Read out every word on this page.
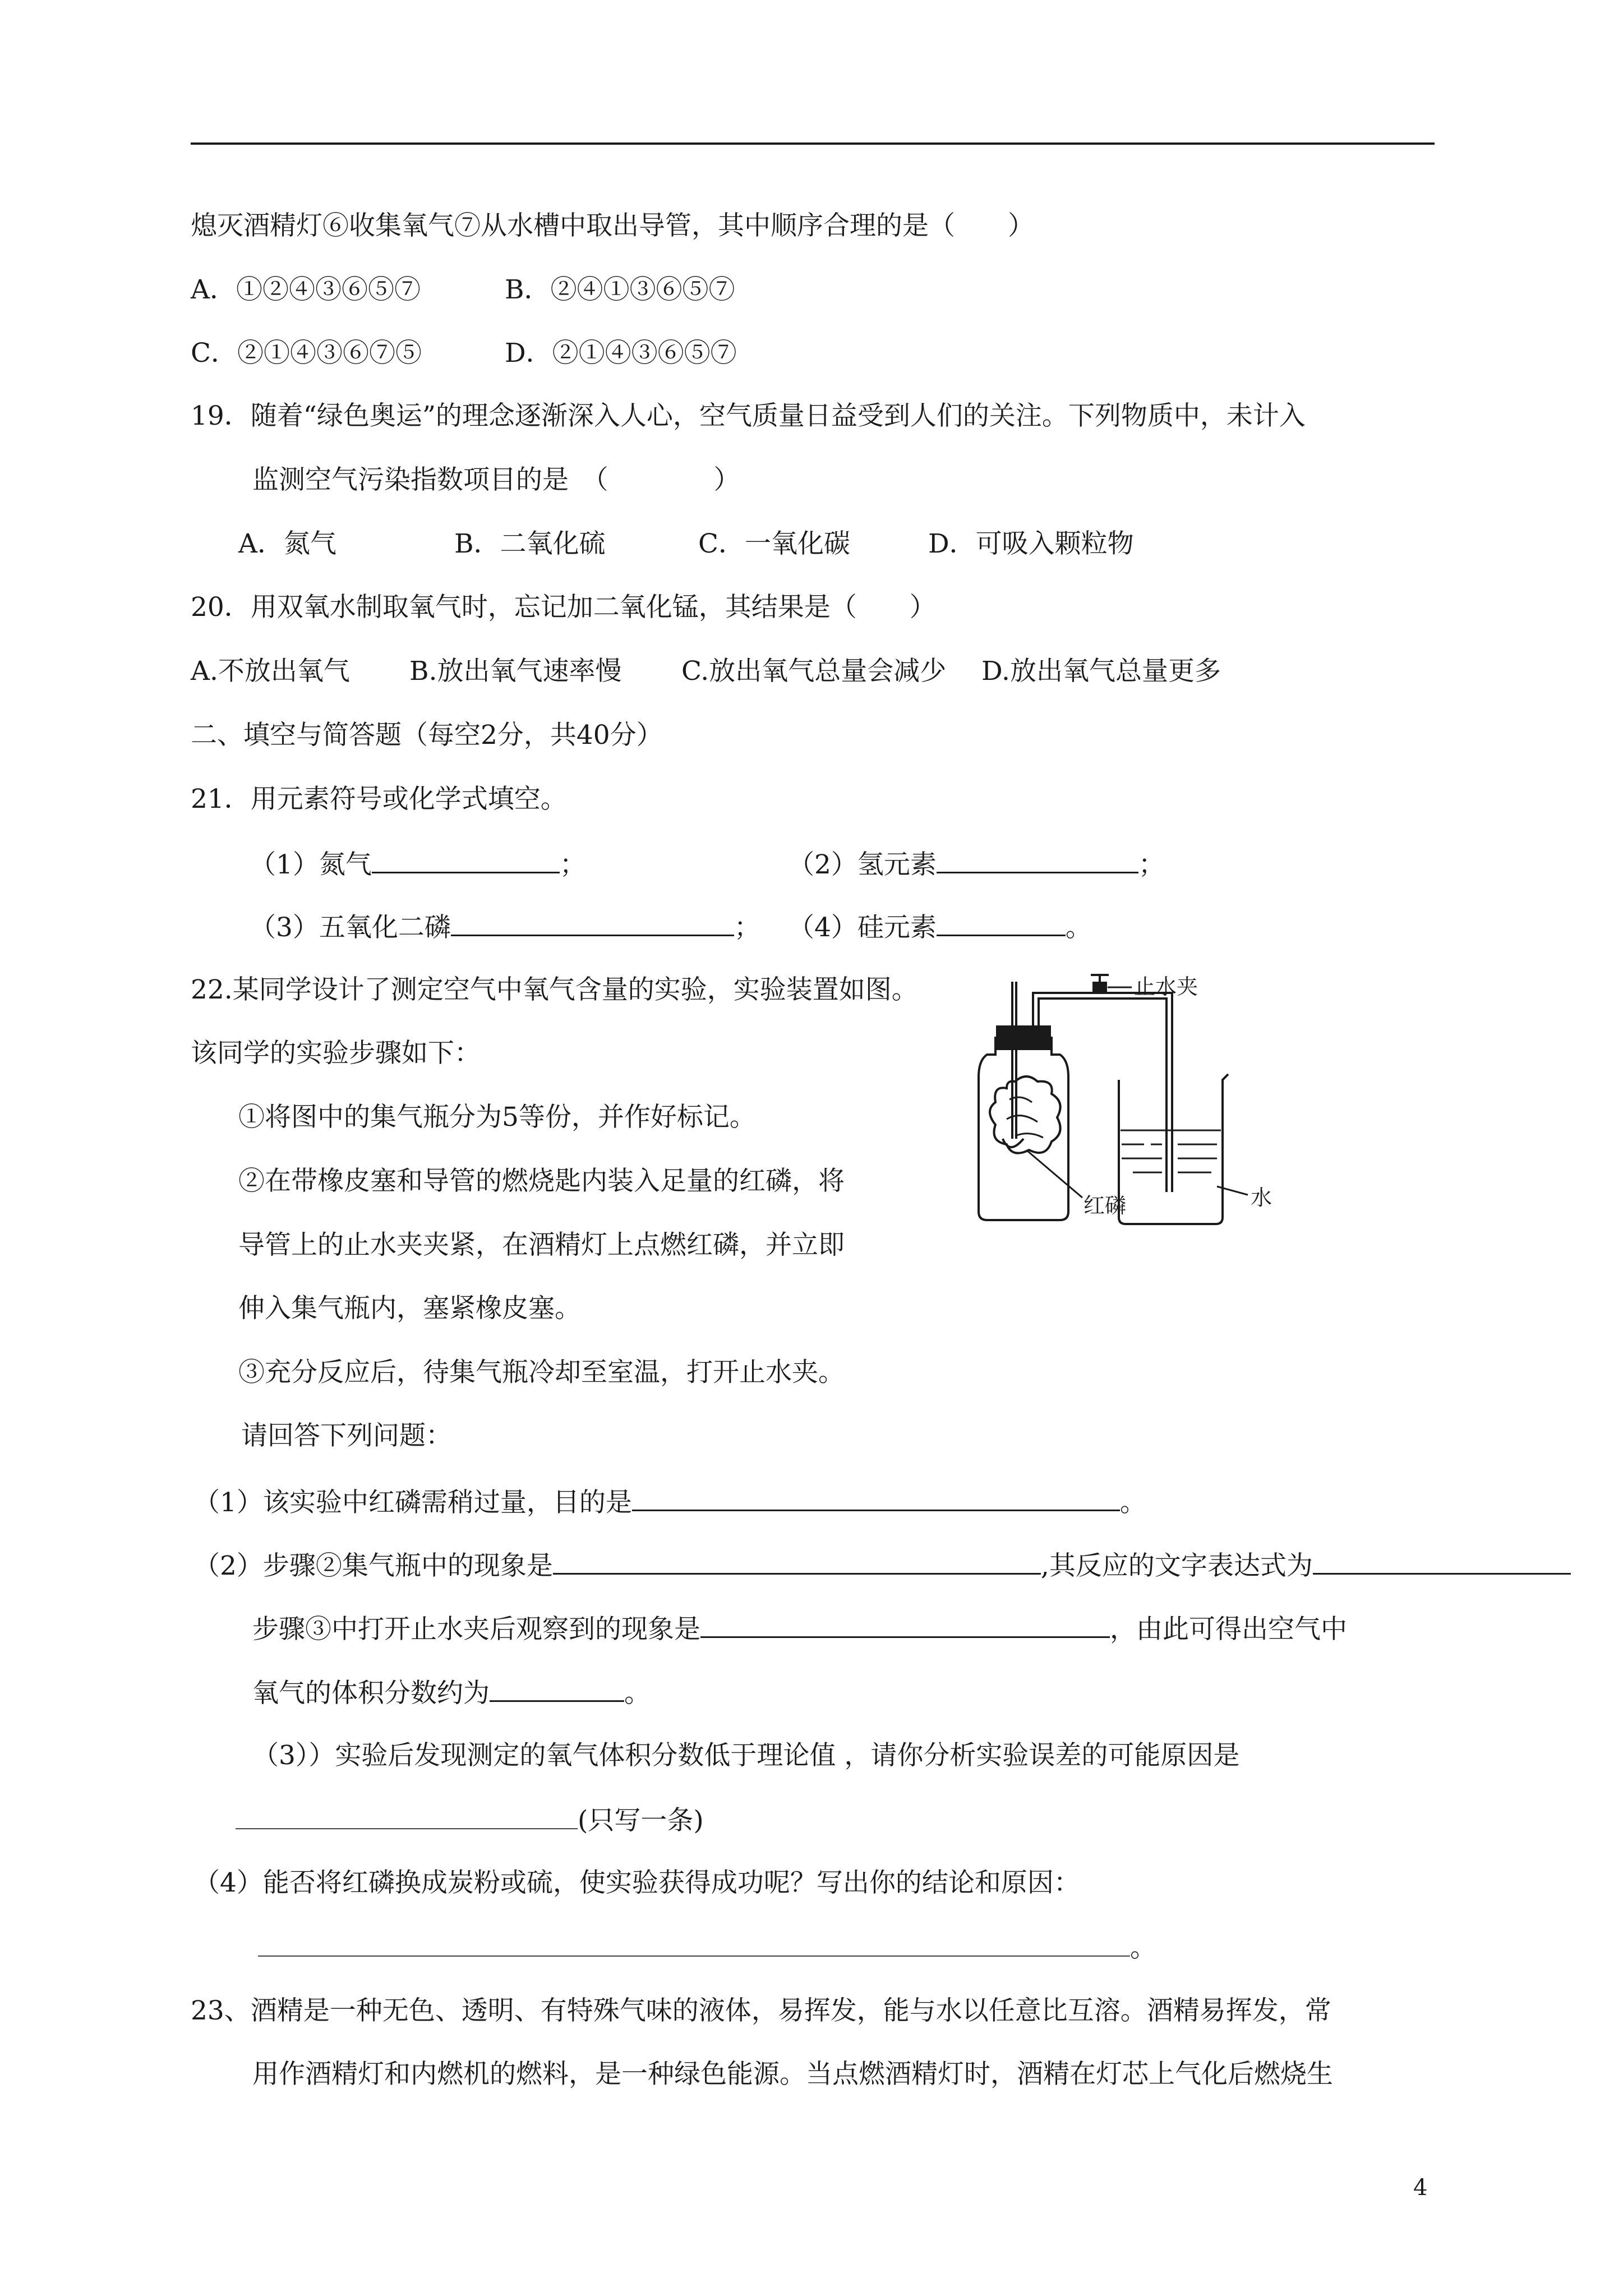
熄灭酒精灯⑥收集氧气⑦从水槽中取出导管，其中顺序合理的是（　　）
A．①②④③⑥⑤⑦	B．②④①③⑥⑤⑦
C．②①④③⑥⑦⑤	D．②①④③⑥⑤⑦
19．随着“绿色奥运”的理念逐渐深入人心，空气质量日益受到人们的关注。下列物质中，未计入
监测空气污染指数项目的是　（　　　　）
A．氮气	B．二氧化硫	C．一氧化碳	D．可吸入颗粒物
20．用双氧水制取氧气时，忘记加二氧化锰，其结果是（　　）
A.不放出氧气 B.放出氧气速率慢 C.放出氧气总量会减少 D.放出氧气总量更多
二、填空与简答题（每空2分，共40分）
21．用元素符号或化学式填空。
（1）氮气	；	（2）氢元素	；
（3）五氧化二磷	； （4）硅元素	。
22.某同学设计了测定空气中氧气含量的实验，实验装置如图。
该同学的实验步骤如下：
①将图中的集气瓶分为5等份，并作好标记。
②在带橡皮塞和导管的燃烧匙内装入足量的红磷，将
导管上的止水夹夹紧，在酒精灯上点燃红磷，并立即
伸入集气瓶内，塞紧橡皮塞。
③充分反应后，待集气瓶冷却至室温，打开止水夹。
请回答下列问题：
（1）该实验中红磷需稍过量，目的是	。
（2）步骤②集气瓶中的现象是	,其反应的文字表达式为
步骤③中打开止水夹后观察到的现象是	，由此可得出空气中
氧气的体积分数约为	。
（3））实验后发现测定的氧气体积分数低于理论值 ，请你分析实验误差的可能原因是
(只写一条)
（4）能否将红磷换成炭粉或硫，使实验获得成功呢？写出你的结论和原因：
。
23、酒精是一种无色、透明、有特殊气味的液体，易挥发，能与水以任意比互溶。酒精易挥发，常
用作酒精灯和内燃机的燃料，是一种绿色能源。当点燃酒精灯时，酒精在灯芯上气化后燃烧生
止水夹
红磷	水
4
